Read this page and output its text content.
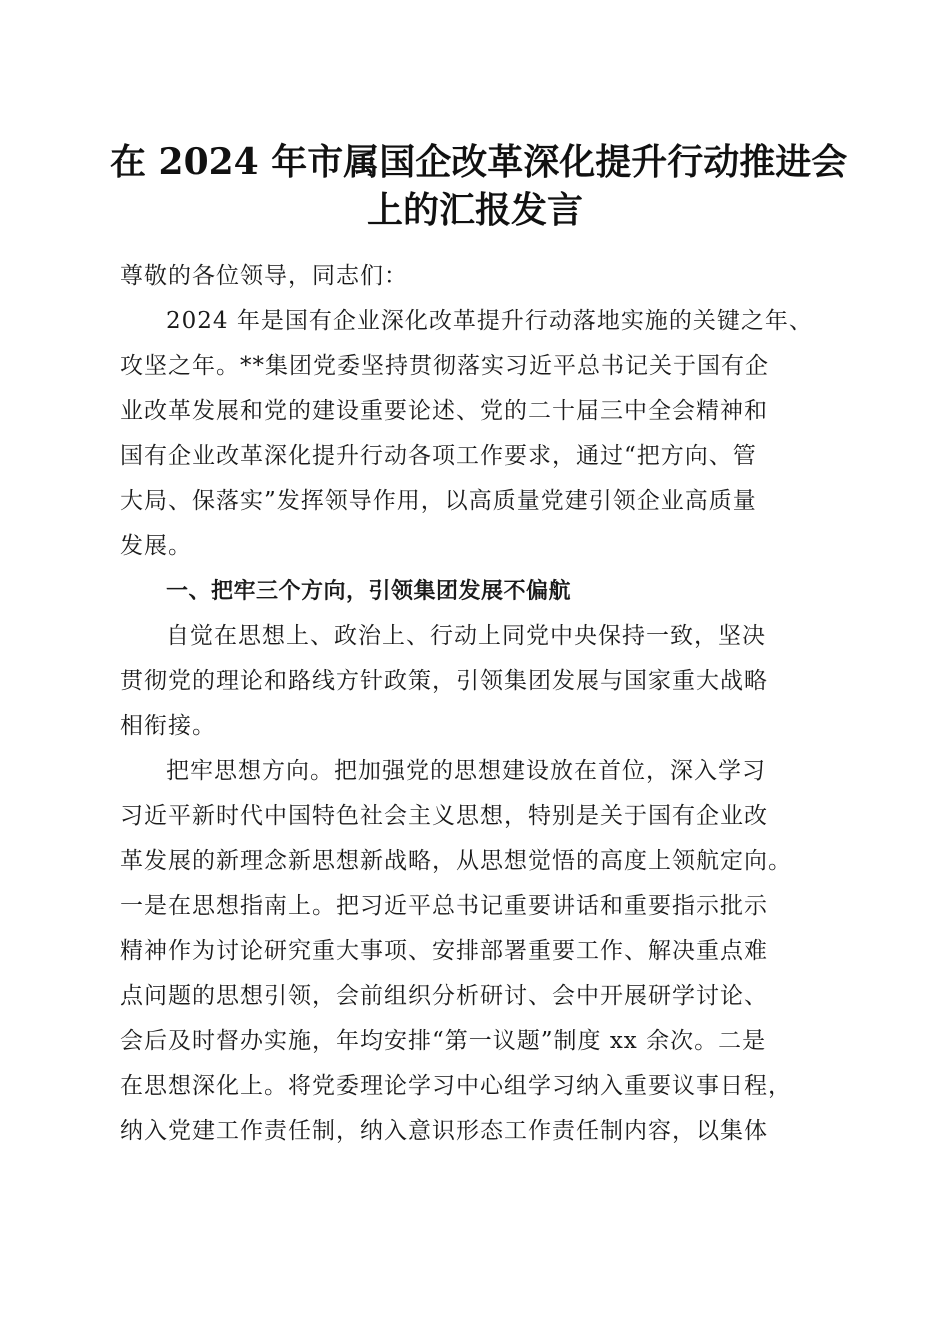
在 2024 年市属国企改革深化提升行动推进会
上的汇报发言
尊敬的各位领导，同志们：
2024 年是国有企业深化改革提升行动落地实施的关键之年、
攻坚之年。**集团党委坚持贯彻落实习近平总书记关于国有企
业改革发展和党的建设重要论述、党的二十届三中全会精神和
国有企业改革深化提升行动各项工作要求，通过“把方向、管
大局、保落实”发挥领导作用，以高质量党建引领企业高质量
发展。
一、把牢三个方向，引领集团发展不偏航
自觉在思想上、政治上、行动上同党中央保持一致，坚决
贯彻党的理论和路线方针政策，引领集团发展与国家重大战略
相衔接。
把牢思想方向。把加强党的思想建设放在首位，深入学习
习近平新时代中国特色社会主义思想，特别是关于国有企业改
革发展的新理念新思想新战略，从思想觉悟的高度上领航定向。
一是在思想指南上。把习近平总书记重要讲话和重要指示批示
精神作为讨论研究重大事项、安排部署重要工作、解决重点难
点问题的思想引领，会前组织分析研讨、会中开展研学讨论、
会后及时督办实施，年均安排“第一议题”制度 xx 余次。二是
在思想深化上。将党委理论学习中心组学习纳入重要议事日程，
纳入党建工作责任制，纳入意识形态工作责任制内容，以集体
